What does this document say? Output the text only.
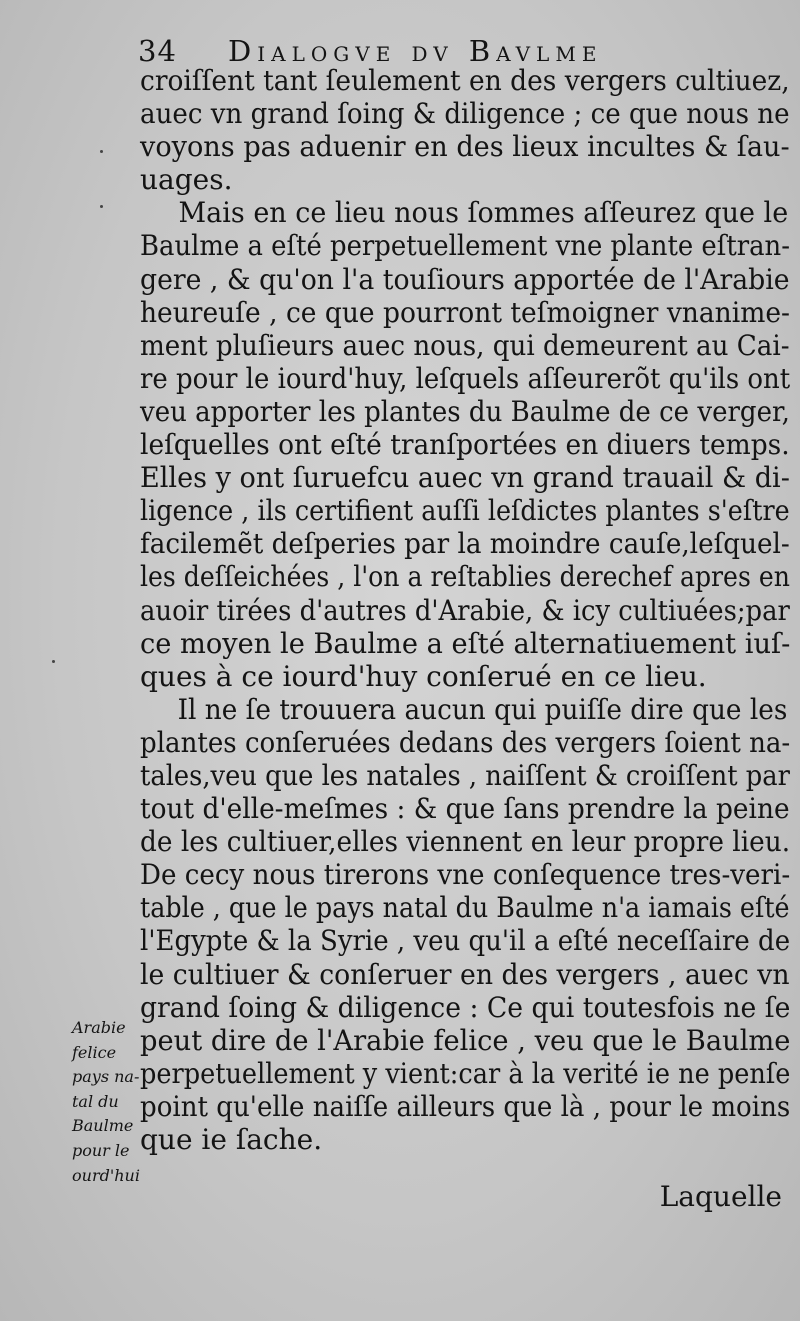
34 Dialogve dv Bavlme
croiſſent tant ſeulement en des vergers cultiuez,
auec vn grand ſoing & diligence ; ce que nous ne
voyons pas aduenir en des lieux incultes & ſau-
uages.
Mais en ce lieu nous ſommes aſſeurez que le
Baulme a eſté perpetuellement vne plante eſtran-
gere , & qu'on l'a touſiours apportée de l'Arabie
heureuſe , ce que pourront teſmoigner vnanime-
ment pluſieurs auec nous, qui demeurent au Cai-
re pour le iourd'huy, leſquels aſſeurerõt qu'ils ont
veu apporter les plantes du Baulme de ce verger,
leſquelles ont eſté tranſportées en diuers temps.
Elles y ont ſuruefcu auec vn grand trauail & di-
ligence , ils certifient auſſi leſdictes plantes s'eſtre
facilemẽt deſperies par la moindre cauſe,leſquel-
les deſſeichées , l'on a reſtablies derechef apres en
auoir tirées d'autres d'Arabie, & icy cultiuées;par
ce moyen le Baulme a eſté alternatiuement iuſ-
ques à ce iourd'huy conſerué en ce lieu.
Il ne ſe trouuera aucun qui puiſſe dire que les
plantes conſeruées dedans des vergers ſoient na-
tales,veu que les natales , naiſſent & croiſſent par
tout d'elle-meſmes : & que ſans prendre la peine
de les cultiuer,elles viennent en leur propre lieu.
De cecy nous tirerons vne conſequence tres-veri-
table , que le pays natal du Baulme n'a iamais eſté
l'Egypte & la Syrie , veu qu'il a eſté neceſſaire de
le cultiuer & conſeruer en des vergers , auec vn
grand ſoing & diligence : Ce qui toutesfois ne ſe
peut dire de l'Arabie felice , veu que le Baulme
perpetuellement y vient:car à la verité ie ne penſe
point qu'elle naiſſe ailleurs que là , pour le moins
que ie ſache.
Arabie
felice
pays na-
tal du
Baulme
pour le
ourd'hui
Laquelle
